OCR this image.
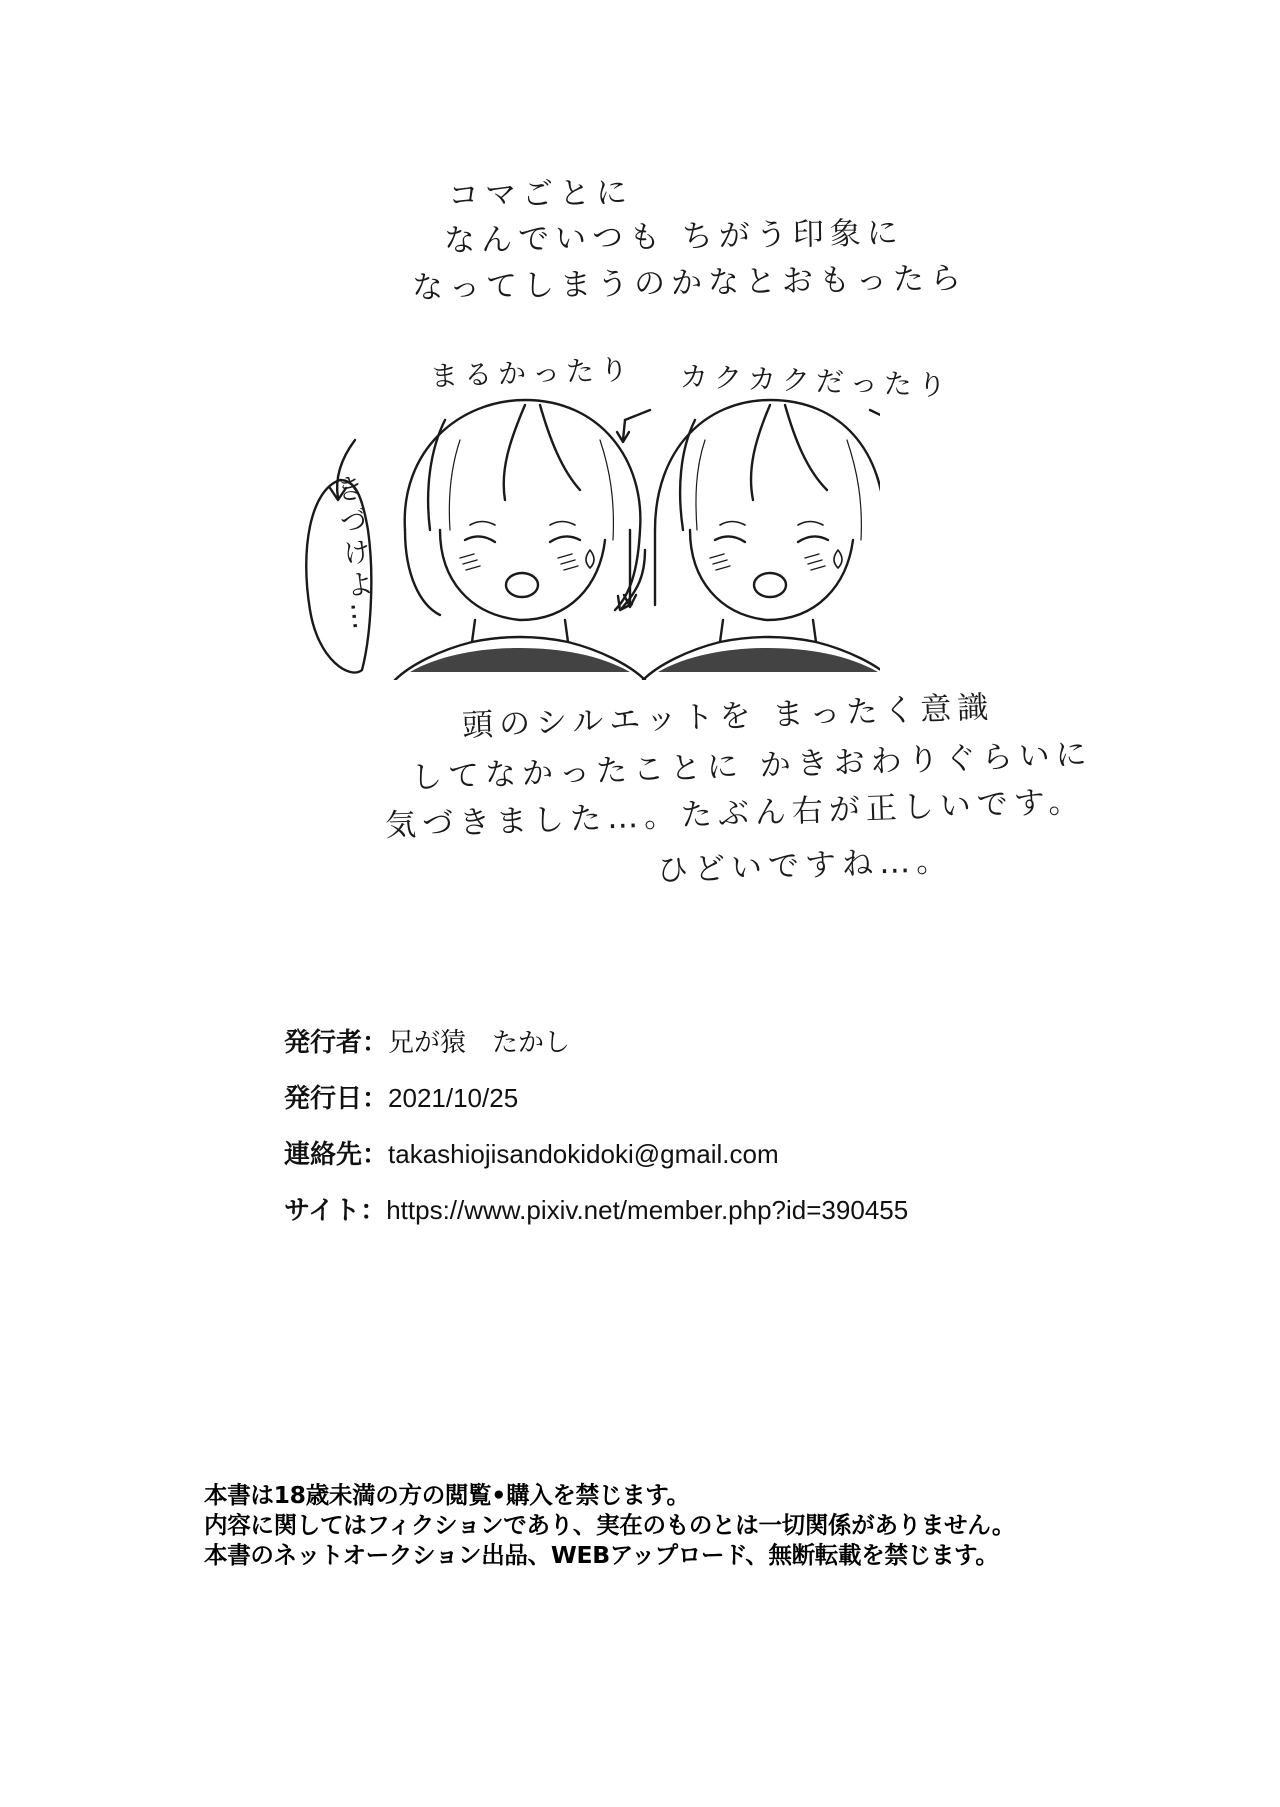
コマごとに
なんでいつも ちがう印象に
なってしまうのかなとおもったら
まるかったり カクカクだったり
きづけよ…
頭のシルエットを まったく意識
してなかったことに かきおわりぐらいに
気づきました…。たぶん右が正しいです。
ひどいですね…。
発行者：兄が猿　たかし
発行日：2021/10/25
連絡先：takashiojisandokidoki@gmail.com
サイト：https://www.pixiv.net/member.php?id=390455
本書は18歳未満の方の閲覧•購入を禁じます。
内容に関してはフィクションであり、実在のものとは一切関係がありません。
本書のネットオークション出品、WEBアップロード、無断転載を禁じます。
